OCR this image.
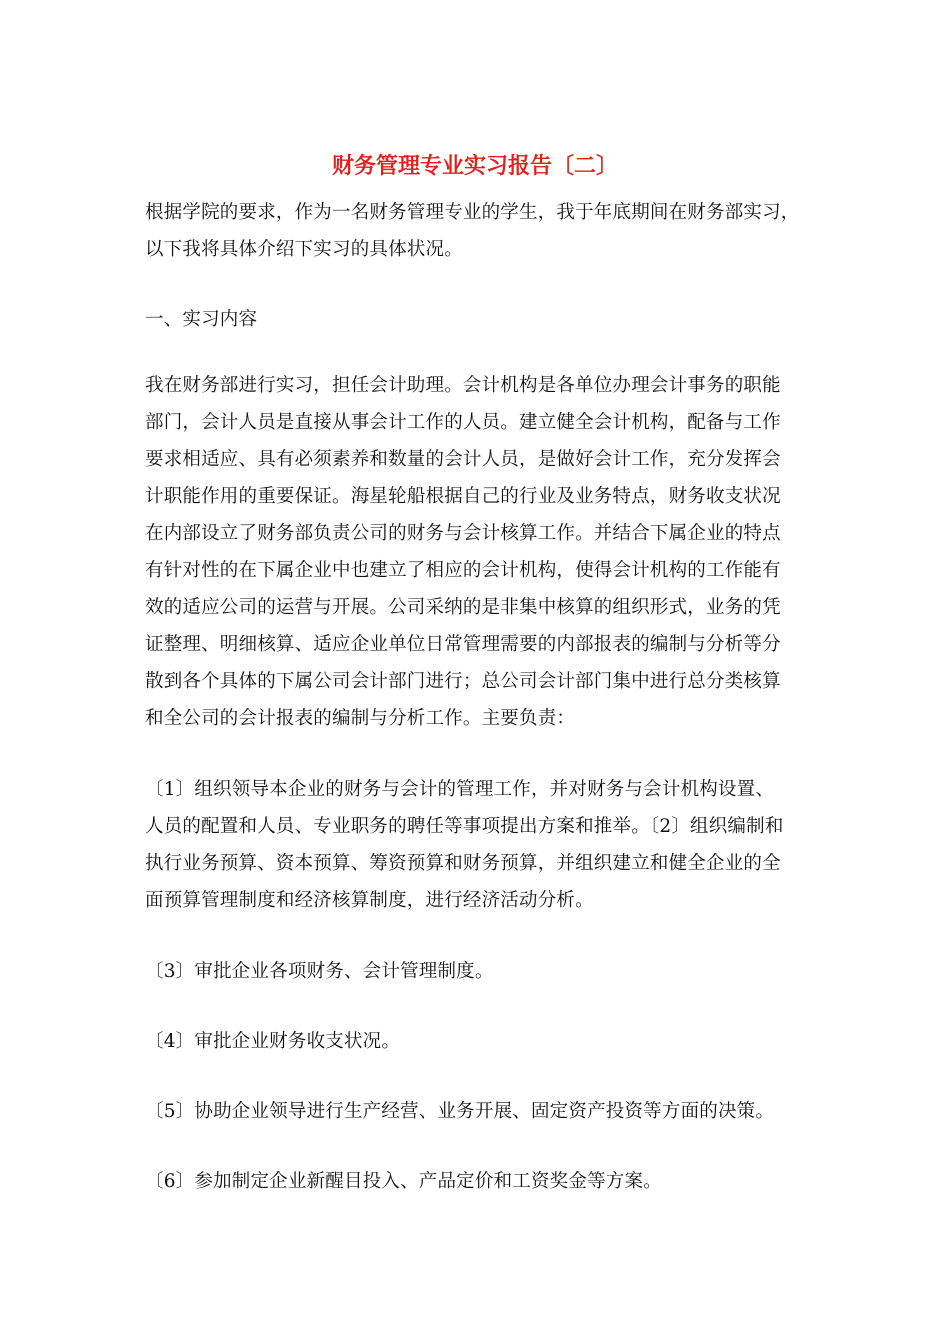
财务管理专业实习报告〔二〕
根据学院的要求，作为一名财务管理专业的学生，我于年底期间在财务部实习，
以下我将具体介绍下实习的具体状况。
一、实习内容
我在财务部进行实习，担任会计助理。会计机构是各单位办理会计事务的职能
部门，会计人员是直接从事会计工作的人员。建立健全会计机构，配备与工作
要求相适应、具有必须素养和数量的会计人员，是做好会计工作，充分发挥会
计职能作用的重要保证。海星轮船根据自己的行业及业务特点，财务收支状况
在内部设立了财务部负责公司的财务与会计核算工作。并结合下属企业的特点
有针对性的在下属企业中也建立了相应的会计机构，使得会计机构的工作能有
效的适应公司的运营与开展。公司采纳的是非集中核算的组织形式，业务的凭
证整理、明细核算、适应企业单位日常管理需要的内部报表的编制与分析等分
散到各个具体的下属公司会计部门进行；总公司会计部门集中进行总分类核算
和全公司的会计报表的编制与分析工作。主要负责：
〔1〕组织领导本企业的财务与会计的管理工作，并对财务与会计机构设置、
人员的配置和人员、专业职务的聘任等事项提出方案和推举。〔2〕组织编制和
执行业务预算、资本预算、筹资预算和财务预算，并组织建立和健全企业的全
面预算管理制度和经济核算制度，进行经济活动分析。
〔3〕审批企业各项财务、会计管理制度。
〔4〕审批企业财务收支状况。
〔5〕协助企业领导进行生产经营、业务开展、固定资产投资等方面的决策。
〔6〕参加制定企业新醒目投入、产品定价和工资奖金等方案。
